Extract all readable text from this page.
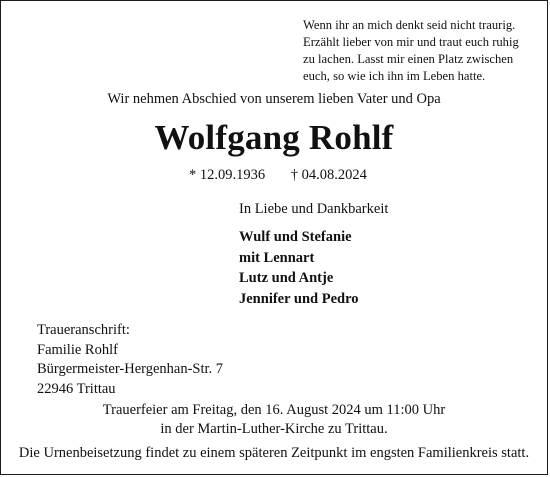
Wenn ihr an mich denkt seid nicht traurig.
Erzählt lieber von mir und traut euch ruhig
zu lachen. Lasst mir einen Platz zwischen
euch, so wie ich ihn im Leben hatte.
Wir nehmen Abschied von unserem lieben Vater und Opa
Wolfgang Rohlf
* 12.09.1936 † 04.08.2024
In Liebe und Dankbarkeit
Wulf und Stefanie
mit Lennart
Lutz und Antje
Jennifer und Pedro
Traueranschrift:
Familie Rohlf
Bürgermeister-Hergenhan-Str. 7
22946 Trittau
Trauerfeier am Freitag, den 16. August 2024 um 11:00 Uhr
in der Martin-Luther-Kirche zu Trittau.
Die Urnenbeisetzung findet zu einem späteren Zeitpunkt im engsten Familienkreis statt.
